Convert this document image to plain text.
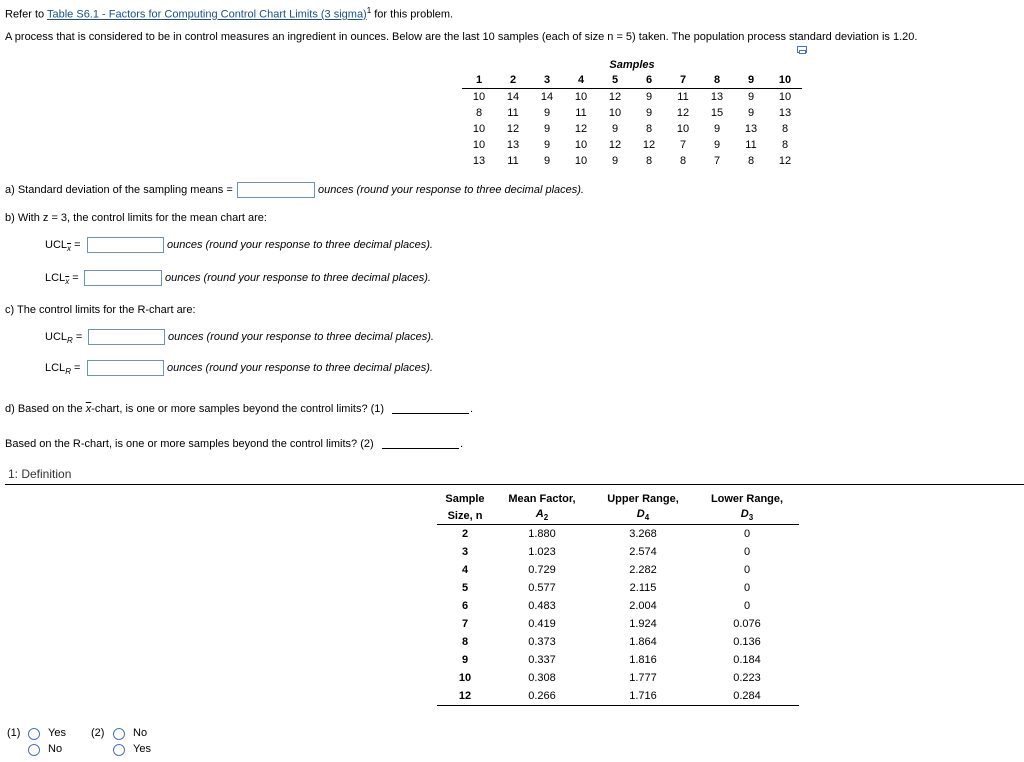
Refer to Table S6.1 - Factors for Computing Control Chart Limits (3 sigma)$^1$ for this problem.
A process that is considered to be in control measures an ingredient in ounces. Below are the last 10 samples (each of size n = 5) taken. The population process standard deviation is 1.20.
Samples									
1	2	3	4	5	6	7	8	9	10
10	14	14	10	12	9	11	13	9	10
8	11	9	11	10	9	12	15	9	13
10	12	9	12	9	8	10	9	13	8
10	13	9	10	12	12	7	9	11	8
13	11	9	10	9	8	8	7	8	12
a) Standard deviation of the sampling means =	ounces (round your response to three decimal places).
b) With z = 3, the control limits for the mean chart are:
$UCL_{\overline{x}}$ =	ounces (round your response to three decimal places).
$LCL_{\overline{x}}$ =	ounces (round your response to three decimal places).
c) The control limits for the R-chart are:
$UCL_R$ =	ounces (round your response to three decimal places).
$LCL_R$ =	ounces (round your response to three decimal places).
d) Based on the $\overline{x}$-chart, is one or more samples beyond the control limits? (1)	.
Based on the R-chart, is one or more samples beyond the control limits? (2)	.
1: Definition
Sample	Mean Factor,	Upper Range,	Lower Range,
Size, n	$A_2$	$D_4$	$D_3$
2	1.880	3.268	0
3	1.023	2.574	0
4	0.729	2.282	0
5	0.577	2.115	0
6	0.483	2.004	0
7	0.419	1.924	0.076
8	0.373	1.864	0.136
9	0.337	1.816	0.184
10	0.308	1.777	0.223
12	0.266	1.716	0.284
(1)	Yes
No
(2)	No
Yes
